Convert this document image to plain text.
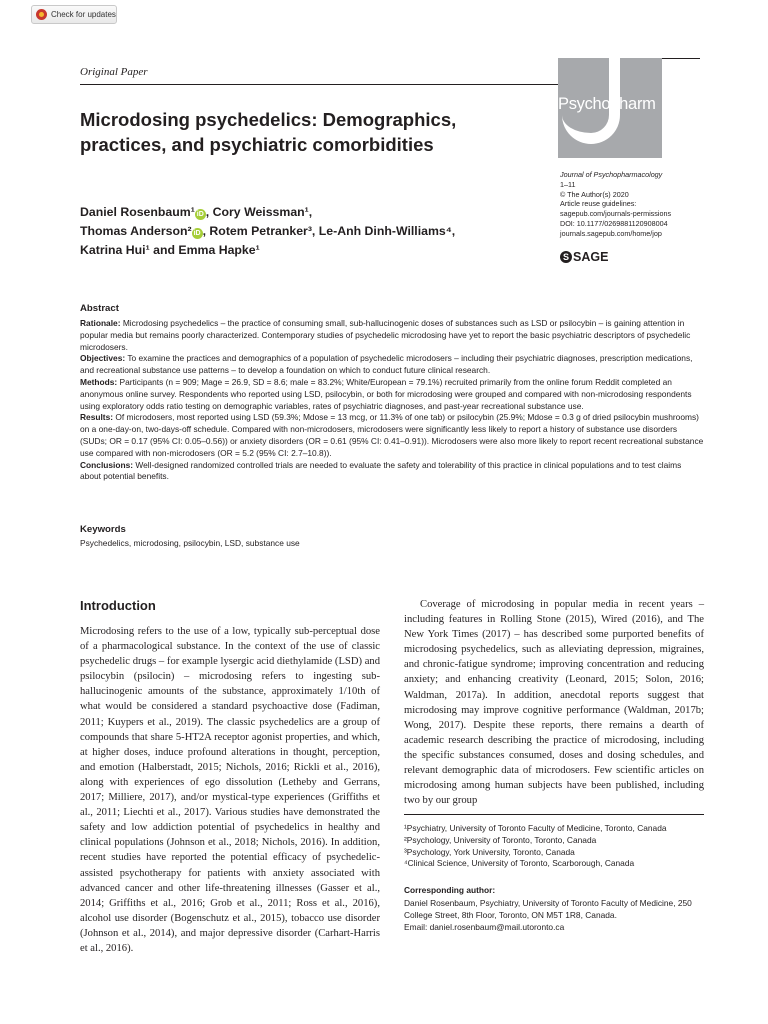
Check for updates
Original Paper
Psychopharm
Microdosing psychedelics: Demographics, practices, and psychiatric comorbidities
Journal of Psychopharmacology
1–11
© The Author(s) 2020
Article reuse guidelines:
sagepub.com/journals-permissions
DOI: 10.1177/0269881120908004
journals.sagepub.com/home/jop
S SAGE
Daniel Rosenbaum¹ iD , Cory Weissman¹,
Thomas Anderson² iD , Rotem Petranker³, Le-Anh Dinh-Williams⁴,
Katrina Hui¹ and Emma Hapke¹
Abstract

Rationale: Microdosing psychedelics – the practice of consuming small, sub-hallucinogenic doses of substances such as LSD or psilocybin – is gaining attention in popular media but remains poorly characterized. Contemporary studies of psychedelic microdosing have yet to report the basic psychiatric descriptors of psychedelic microdosers.

Objectives: To examine the practices and demographics of a population of psychedelic microdosers – including their psychiatric diagnoses, prescription medications, and recreational substance use patterns – to develop a foundation on which to conduct future clinical research.

Methods: Participants (n = 909; Mage = 26.9, SD = 8.6; male = 83.2%; White/European = 79.1%) recruited primarily from the online forum Reddit completed an anonymous online survey. Respondents who reported using LSD, psilocybin, or both for microdosing were grouped and compared with non-microdosing respondents using exploratory odds ratio testing on demographic variables, rates of psychiatric diagnoses, and past-year recreational substance use.

Results: Of microdosers, most reported using LSD (59.3%; Mdose = 13 mcg, or 11.3% of one tab) or psilocybin (25.9%; Mdose = 0.3 g of dried psilocybin mushrooms) on a one-day-on, two-days-off schedule. Compared with non-microdosers, microdosers were significantly less likely to report a history of substance use disorders (SUDs; OR = 0.17 (95% CI: 0.05–0.56)) or anxiety disorders (OR = 0.61 (95% CI: 0.41–0.91)). Microdosers were also more likely to report recent recreational substance use compared with non-microdosers (OR = 5.2 (95% CI: 2.7–10.8)).

Conclusions: Well-designed randomized controlled trials are needed to evaluate the safety and tolerability of this practice in clinical populations and to test claims about potential benefits.

Keywords
Psychedelics, microdosing, psilocybin, LSD, substance use
Introduction

Microdosing refers to the use of a low, typically sub-perceptual dose of a pharmacological substance. In the context of the use of classic psychedelic drugs – for example lysergic acid diethylamide (LSD) and psilocybin (psilocin) – microdosing refers to ingesting sub-hallucinogenic amounts of the substance, approximately 1/10th of what would be considered a standard psychoactive dose (Fadiman, 2011; Kuypers et al., 2019). The classic psychedelics are a group of compounds that share 5-HT2A receptor agonist properties, and which, at higher doses, induce profound alterations in thought, perception, and emotion (Halberstadt, 2015; Nichols, 2016; Rickli et al., 2016), along with experiences of ego dissolution (Letheby and Gerrans, 2017; Milliere, 2017), and/or mystical-type experiences (Griffiths et al., 2011; Liechti et al., 2017). Various studies have demonstrated the safety and low addiction potential of psychedelics in healthy and clinical populations (Johnson et al., 2018; Nichols, 2016). In addition, recent studies have reported the potential efficacy of psychedelic-assisted psychotherapy for patients with anxiety associated with advanced cancer and other life-threatening illnesses (Gasser et al., 2014; Griffiths et al., 2016; Grob et al., 2011; Ross et al., 2016), alcohol use disorder (Bogenschutz et al., 2015), tobacco use disorder (Johnson et al., 2014), and major depressive disorder (Carhart-Harris et al., 2016).

Coverage of microdosing in popular media in recent years – including features in Rolling Stone (2015), Wired (2016), and The New York Times (2017) – has described some purported benefits of microdosing psychedelics, such as alleviating depression, migraines, and chronic-fatigue syndrome; improving concentration and reducing anxiety; and enhancing creativity (Leonard, 2015; Solon, 2016; Waldman, 2017a). In addition, anecdotal reports suggest that microdosing may improve cognitive performance (Waldman, 2017b; Wong, 2017). Despite these reports, there remains a dearth of academic research describing the practice of microdosing, including the specific substances consumed, doses and dosing schedules, and relevant demographic data of microdosers. Few scientific articles on microdosing among human subjects have been published, including two by our group

¹Psychiatry, University of Toronto Faculty of Medicine, Toronto, Canada
²Psychology, University of Toronto, Toronto, Canada
³Psychology, York University, Toronto, Canada
⁴Clinical Science, University of Toronto, Scarborough, Canada
Corresponding author:
Daniel Rosenbaum, Psychiatry, University of Toronto Faculty of Medicine, 250 College Street, 8th Floor, Toronto, ON M5T 1R8, Canada.
Email: daniel.rosenbaum@mail.utoronto.ca
